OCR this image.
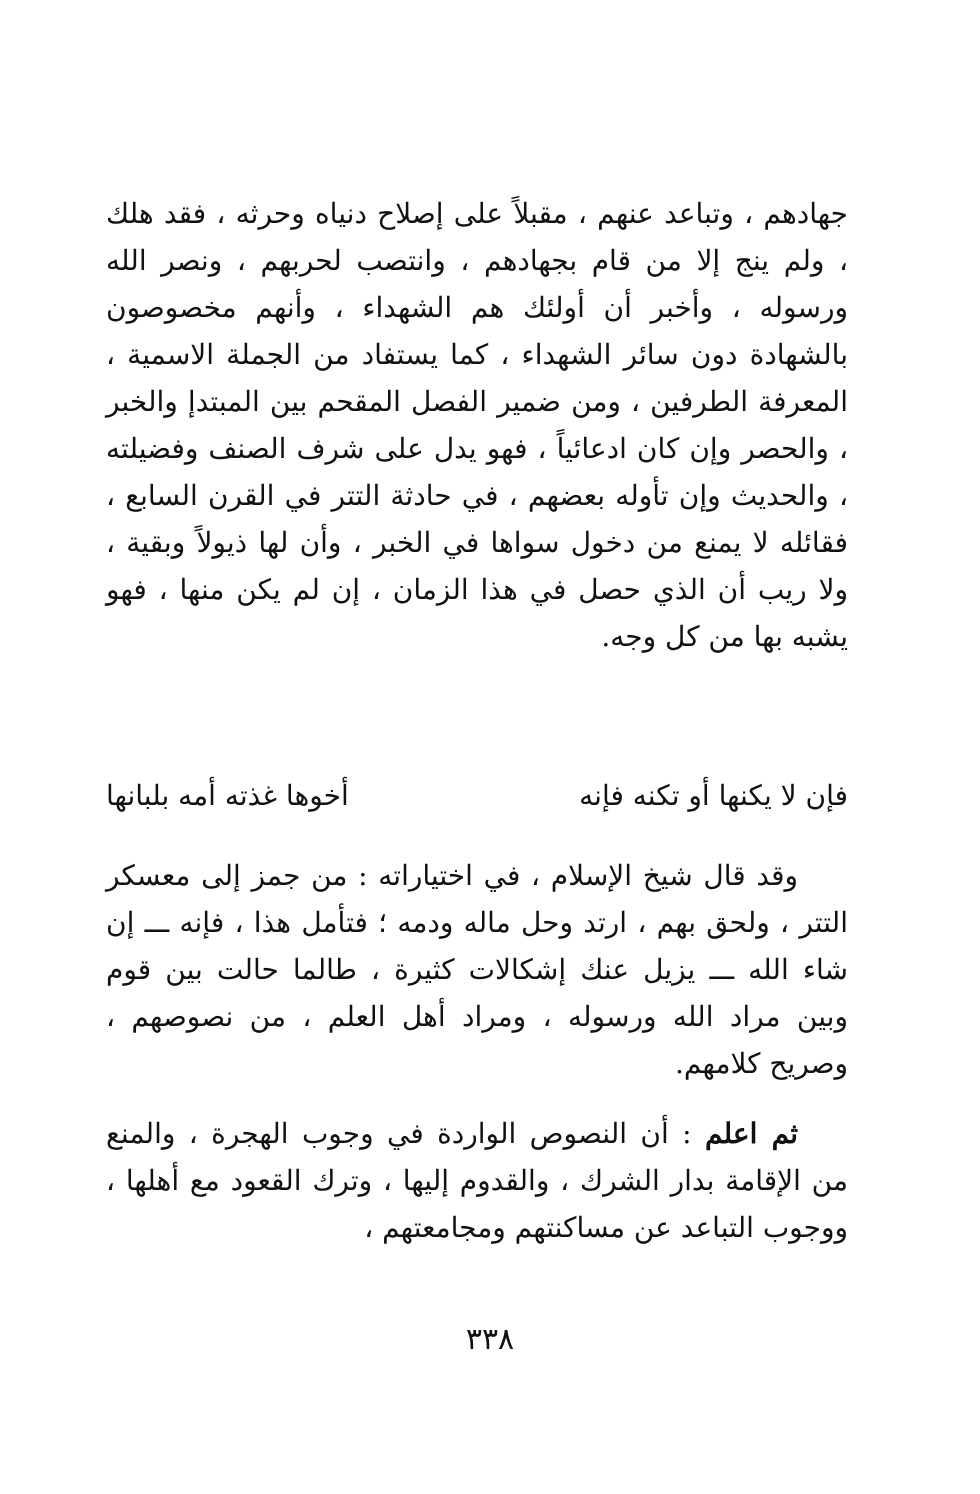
جهادهم ، وتباعد عنهم ، مقبلاً على إصلاح دنياه وحرثه ، فقد هلك ، ولم ينج إلا من قام بجهادهم ، وانتصب لحربهم ، ونصر الله ورسوله ، وأخبر أن أولئك هم الشهداء ، وأنهم مخصوصون بالشهادة دون سائر الشهداء ، كما يستفاد من الجملة الاسمية ، المعرفة الطرفين ، ومن ضمير الفصل المقحم بين المبتدإ والخبر ، والحصر وإن كان ادعائياً ، فهو يدل على شرف الصنف وفضيلته ، والحديث وإن تأوله بعضهم ، في حادثة التتر في القرن السابع ، فقائله لا يمنع من دخول سواها في الخبر ، وأن لها ذيولاً وبقية ، ولا ريب أن الذي حصل في هذا الزمان ، إن لم يكن منها ، فهو يشبه بها من كل وجه.

فإن لا يكنها أو تكنه فإنه
أخوها غذته أمه بلبانها

وقد قال شيخ الإسلام ، في اختياراته : من جمز إلى معسكر التتر ، ولحق بهم ، ارتد وحل ماله ودمه ؛ فتأمل هذا ، فإنه ـــ إن شاء الله ـــ يزيل عنك إشكالات كثيرة ، طالما حالت بين قوم وبين مراد الله ورسوله ، ومراد أهل العلم ، من نصوصهم ، وصريح كلامهم.

ثم اعلم : أن النصوص الواردة في وجوب الهجرة ، والمنع من الإقامة بدار الشرك ، والقدوم إليها ، وترك القعود مع أهلها ، ووجوب التباعد عن مساكنتهم ومجامعتهم ،

٣٣٨
